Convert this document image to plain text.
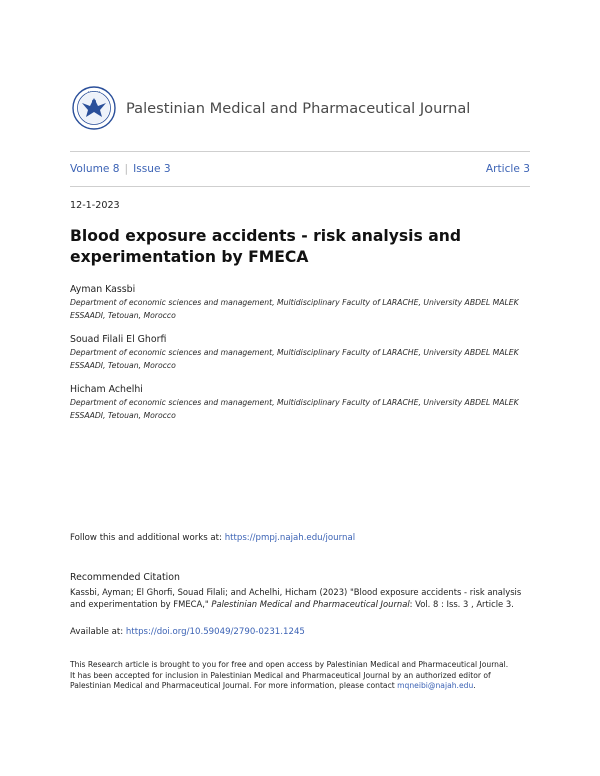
•••••••
Palestinian Medical and Pharmaceutical Journal
Volume 8 | Issue 3	Article 3
12-1-2023
Blood exposure accidents - risk analysis and experimentation by FMECA
Ayman Kassbi
Department of economic sciences and management, Multidisciplinary Faculty of LARACHE, University ABDEL MALEK ESSAADI, Tetouan, Morocco
Souad Filali El Ghorfi
Department of economic sciences and management, Multidisciplinary Faculty of LARACHE, University ABDEL MALEK ESSAADI, Tetouan, Morocco
Hicham Achelhi
Department of economic sciences and management, Multidisciplinary Faculty of LARACHE, University ABDEL MALEK ESSAADI, Tetouan, Morocco
Follow this and additional works at: https://pmpj.najah.edu/journal
Recommended Citation
Kassbi, Ayman; El Ghorfi, Souad Filali; and Achelhi, Hicham (2023) "Blood exposure accidents - risk analysis and experimentation by FMECA," Palestinian Medical and Pharmaceutical Journal: Vol. 8 : Iss. 3 , Article 3.
Available at: https://doi.org/10.59049/2790-0231.1245
This Research article is brought to you for free and open access by Palestinian Medical and Pharmaceutical Journal. It has been accepted for inclusion in Palestinian Medical and Pharmaceutical Journal by an authorized editor of Palestinian Medical and Pharmaceutical Journal. For more information, please contact mqneibi@najah.edu.
